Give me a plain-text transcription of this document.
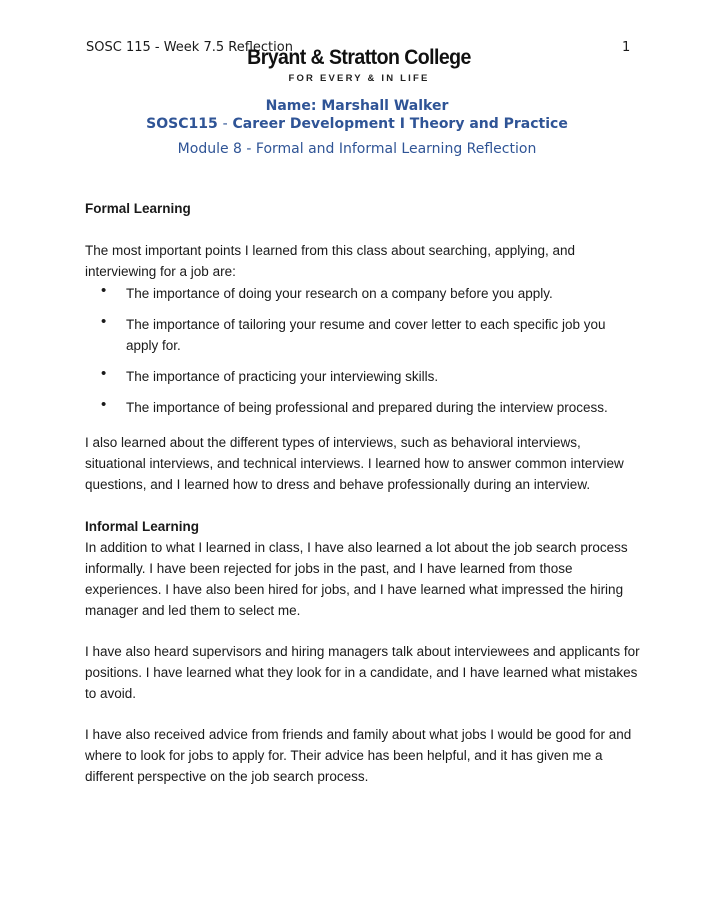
SOSC 115 - Week 7.5 Reflection	1
Bryant & Stratton College
FOR EVERY & IN LIFE
Name: Marshall Walker
SOSC115 - Career Development I Theory and Practice
Module 8 - Formal and Informal Learning Reflection

Formal Learning

The most important points I learned from this class about searching, applying, and interviewing for a job are:

• The importance of doing your research on a company before you apply.
• The importance of tailoring your resume and cover letter to each specific job you apply for.
• The importance of practicing your interviewing skills.
• The importance of being professional and prepared during the interview process.

I also learned about the different types of interviews, such as behavioral interviews, situational interviews, and technical interviews. I learned how to answer common interview questions, and I learned how to dress and behave professionally during an interview.

Informal Learning

In addition to what I learned in class, I have also learned a lot about the job search process informally. I have been rejected for jobs in the past, and I have learned from those experiences. I have also been hired for jobs, and I have learned what impressed the hiring manager and led them to select me.

I have also heard supervisors and hiring managers talk about interviewees and applicants for positions. I have learned what they look for in a candidate, and I have learned what mistakes to avoid.

I have also received advice from friends and family about what jobs I would be good for and where to look for jobs to apply for. Their advice has been helpful, and it has given me a different perspective on the job search process.
